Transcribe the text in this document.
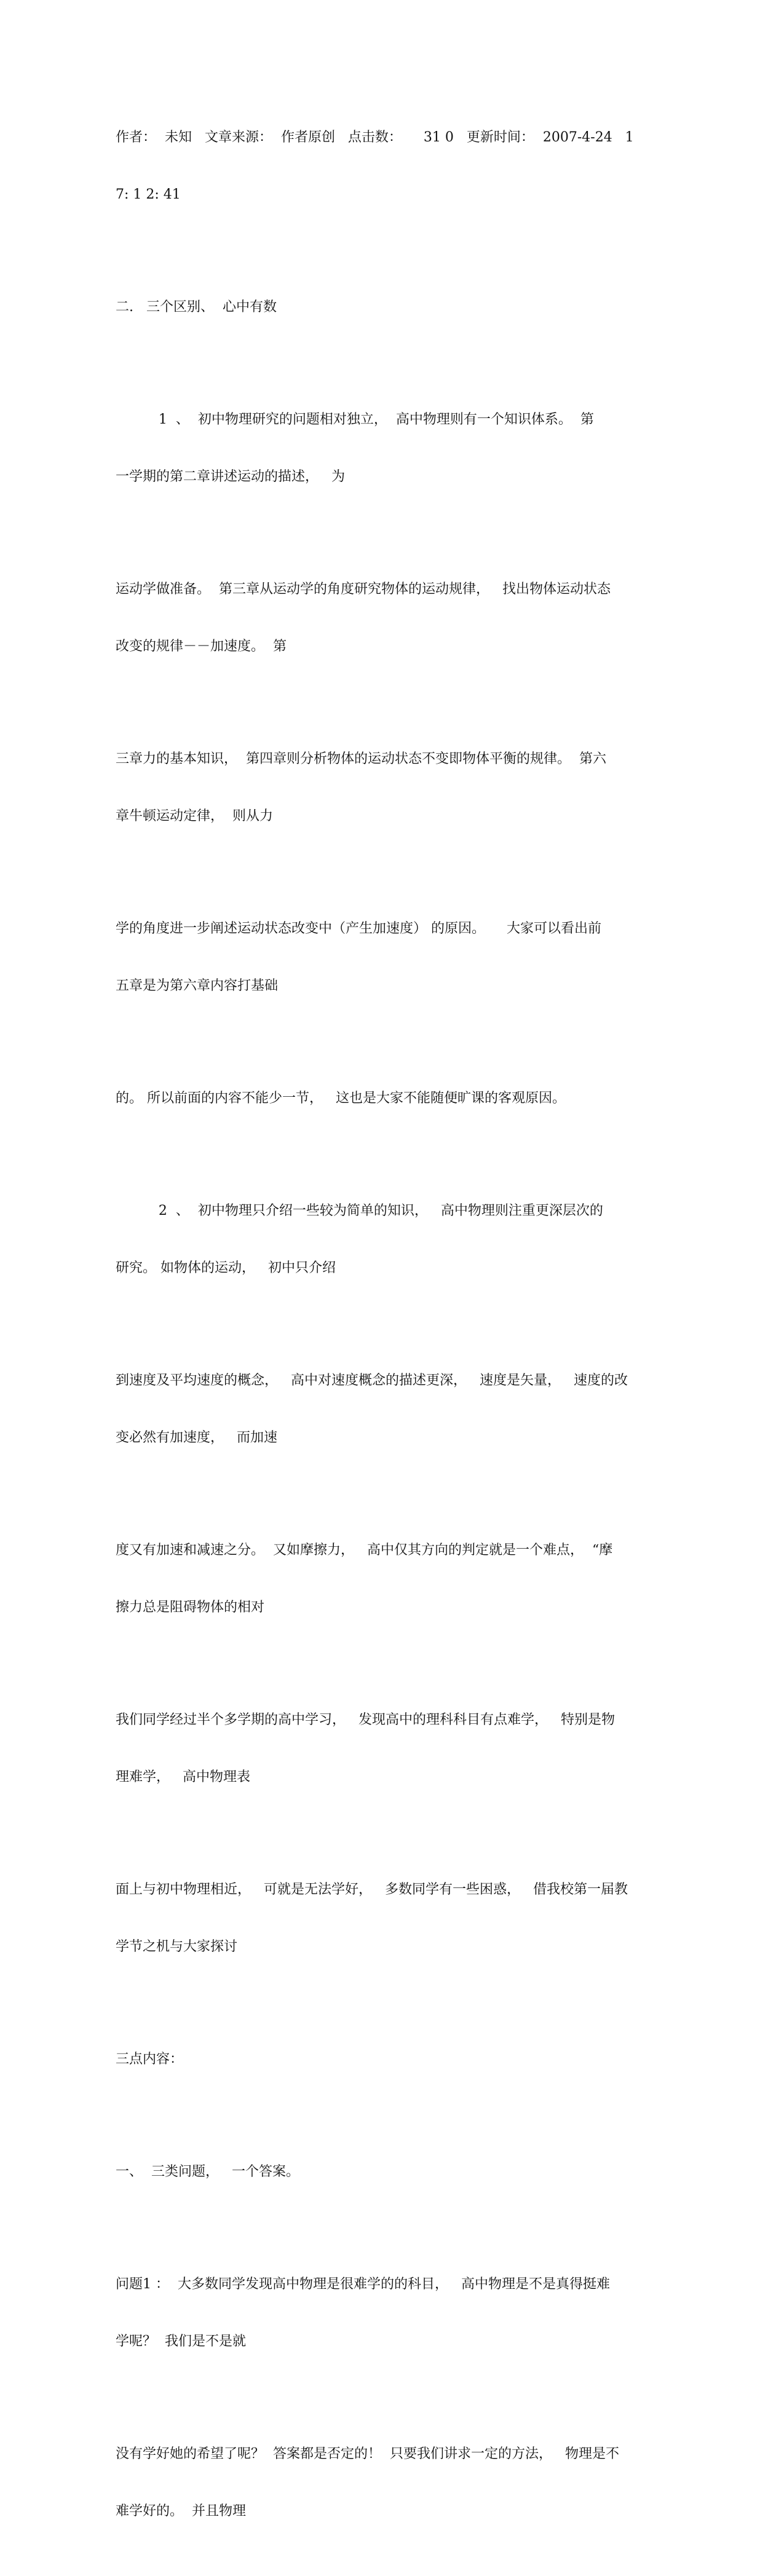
作者：  未知   文章来源：  作者原创   点击数：     31 0   更新时间：  2007-4-24   1

7: 1 2: 41

二.   三个区别、  心中有数

1  、  初中物理研究的问题相对独立，  高中物理则有一个知识体系。  第

一学期的第二章讲述运动的描述，   为

运动学做准备。  第三章从运动学的角度研究物体的运动规律，   找出物体运动状态

改变的规律－－加速度。  第

三章力的基本知识，  第四章则分析物体的运动状态不变即物体平衡的规律。  第六

章牛顿运动定律，  则从力

学的角度进一步阐述运动状态改变中（产生加速度） 的原因。     大家可以看出前

五章是为第六章内容打基础

的。 所以前面的内容不能少一节，   这也是大家不能随便旷课的客观原因。

2  、  初中物理只介绍一些较为简单的知识，   高中物理则注重更深层次的

研究。 如物体的运动，   初中只介绍

到速度及平均速度的概念，   高中对速度概念的描述更深，   速度是矢量，   速度的改

变必然有加速度，   而加速

度又有加速和减速之分。  又如摩擦力，   高中仅其方向的判定就是一个难点，  “摩

擦力总是阻碍物体的相对

我们同学经过半个多学期的高中学习，   发现高中的理科科目有点难学，   特别是物

理难学，   高中物理表

面上与初中物理相近，   可就是无法学好，   多数同学有一些困惑，   借我校第一届教

学节之机与大家探讨

三点内容：

一、  三类问题，   一个答案。

问题1 ：  大多数同学发现高中物理是很难学的的科目，   高中物理是不是真得挺难

学呢？  我们是不是就

没有学好她的希望了呢？  答案都是否定的！  只要我们讲求一定的方法，   物理是不

难学好的。  并且物理
